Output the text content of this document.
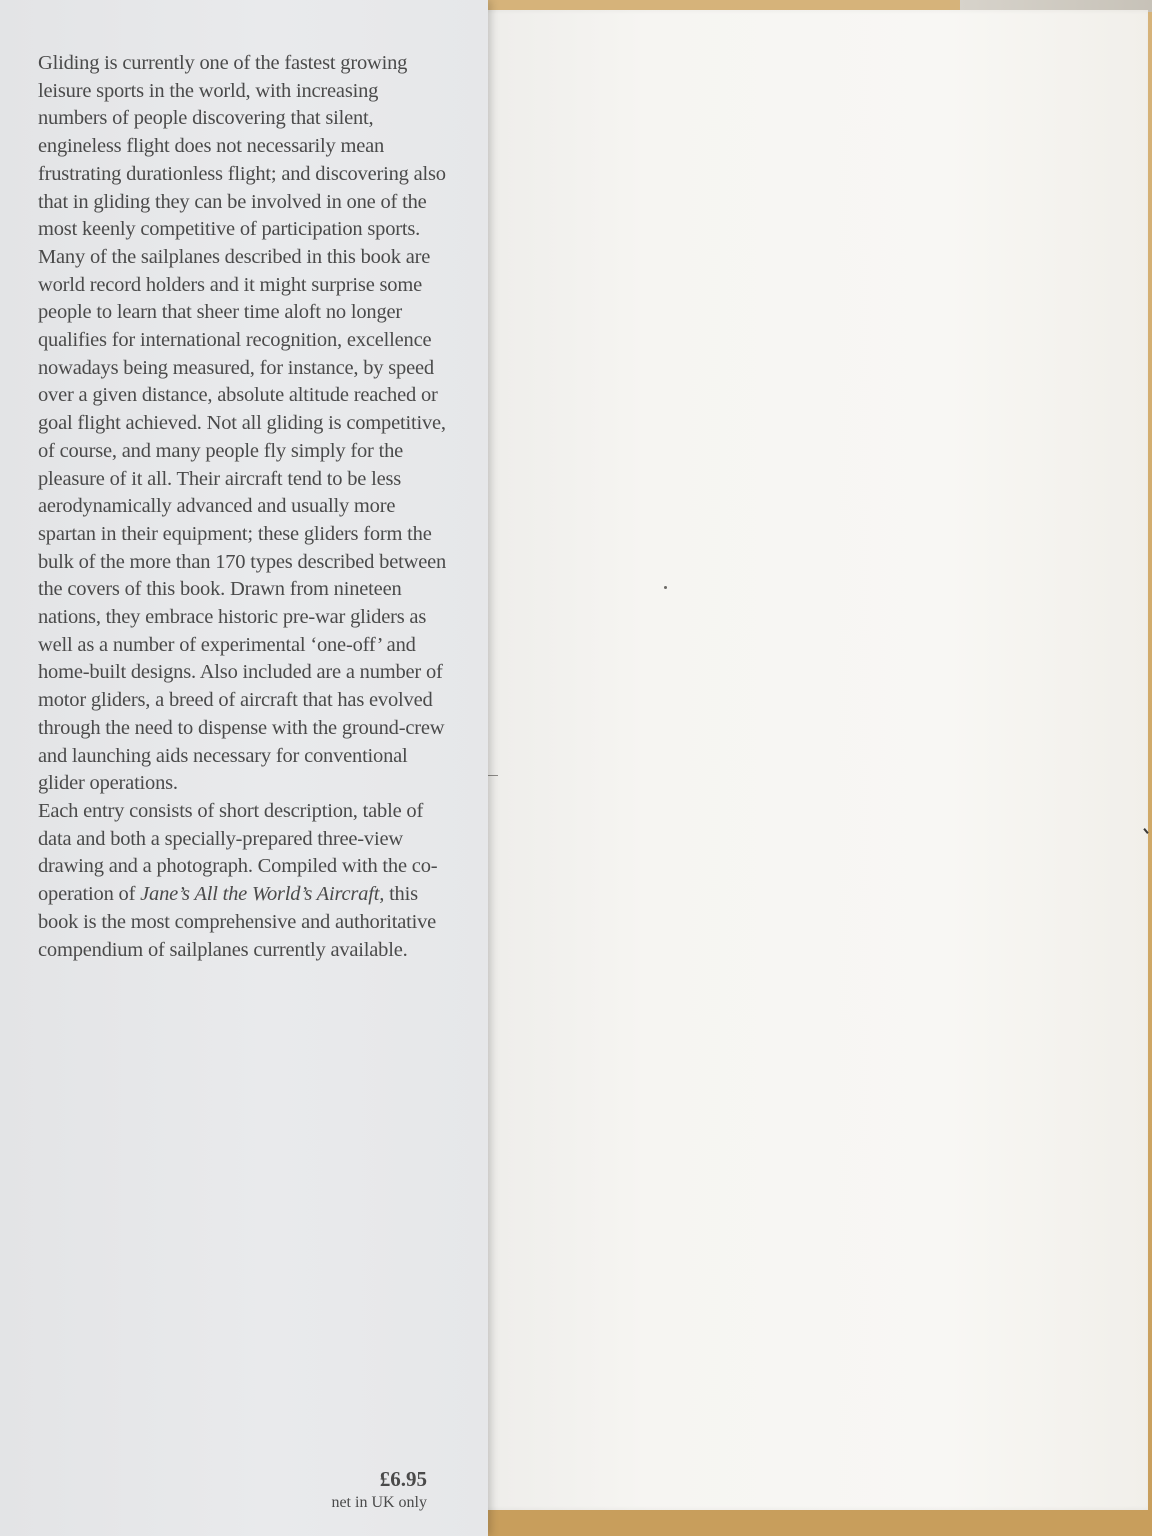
Gliding is currently one of the fastest growing leisure sports in the world, with increasing numbers of people discovering that silent, engineless flight does not necessarily mean frustrating durationless flight; and discovering also that in gliding they can be involved in one of the most keenly competitive of participation sports. Many of the sailplanes described in this book are world record holders and it might surprise some people to learn that sheer time aloft no longer qualifies for international recognition, excellence nowadays being measured, for instance, by speed over a given distance, absolute altitude reached or goal flight achieved. Not all gliding is competitive, of course, and many people fly simply for the pleasure of it all. Their aircraft tend to be less aerodynamically advanced and usually more spartan in their equipment; these gliders form the bulk of the more than 170 types described between the covers of this book. Drawn from nineteen nations, they embrace historic pre-war gliders as well as a number of experimental ‘one-off’ and home-built designs. Also included are a number of motor gliders, a breed of aircraft that has evolved through the need to dispense with the ground-crew and launching aids necessary for conventional glider operations.

Each entry consists of short description, table of data and both a specially-prepared three-view drawing and a photograph. Compiled with the co-operation of Jane’s All the World’s Aircraft, this book is the most comprehensive and authoritative compendium of sailplanes currently available.

£6.95
net in UK only
